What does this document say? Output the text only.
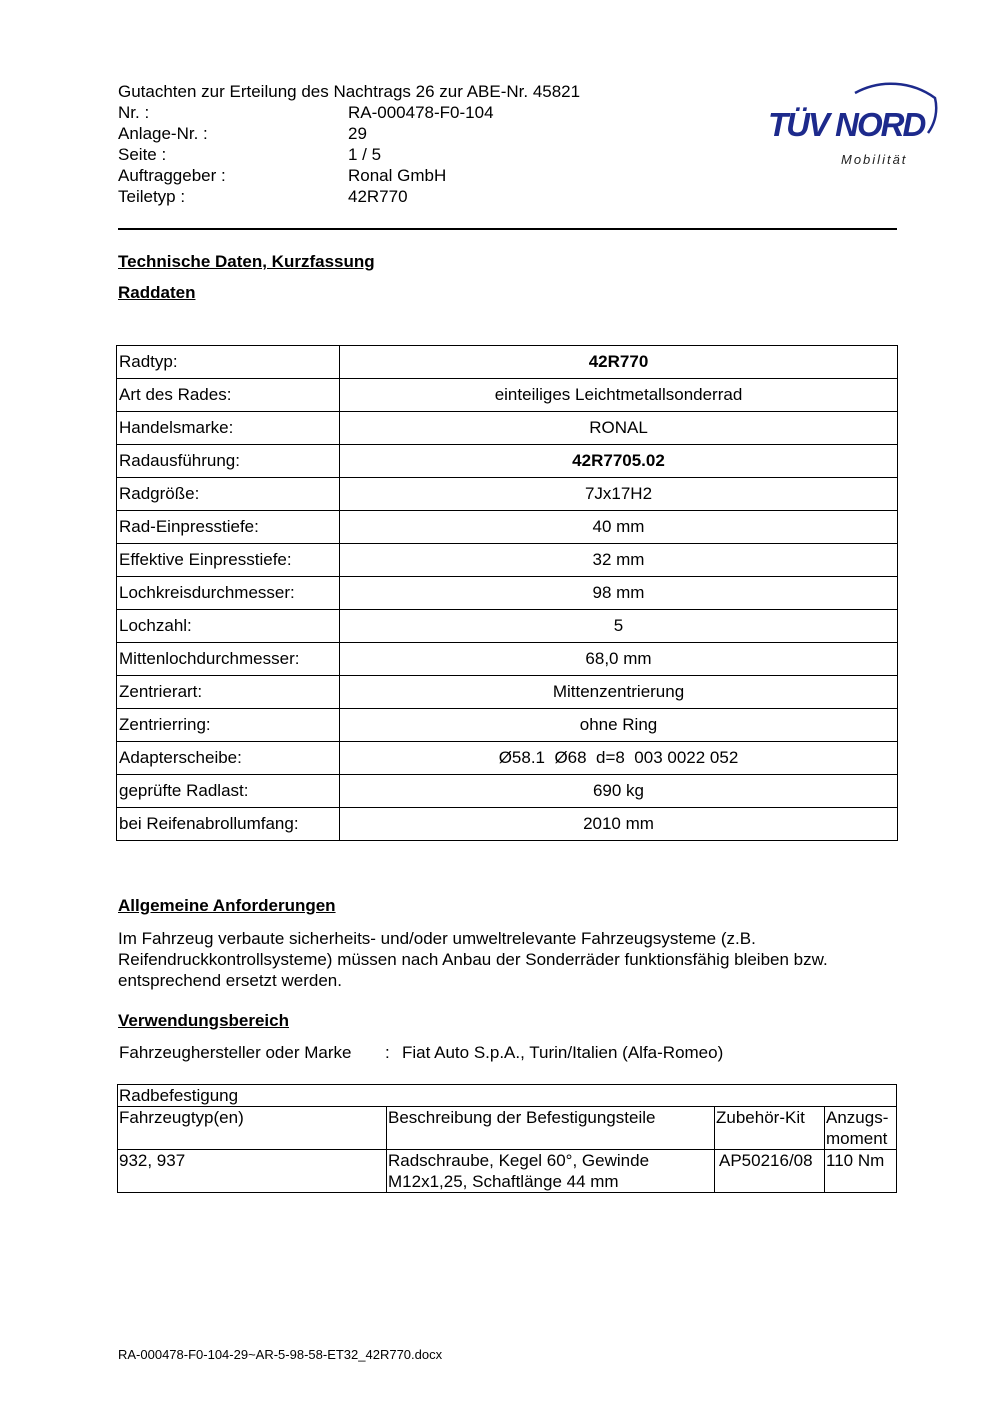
Gutachten zur Erteilung des Nachtrags 26 zur ABE-Nr. 45821
Nr. :	RA-000478-F0-104
Anlage-Nr. :	29
Seite :	1 / 5
Auftraggeber :	Ronal GmbH
Teiletyp :	42R770
TÜV NORD
Mobilität
Technische Daten, Kurzfassung
Raddaten
Radtyp:	42R770
Art des Rades:	einteiliges Leichtmetallsonderrad
Handelsmarke:	RONAL
Radausführung:	42R7705.02
Radgröße:	7Jx17H2
Rad-Einpresstiefe:	40 mm
Effektive Einpresstiefe:	32 mm
Lochkreisdurchmesser:	98 mm
Lochzahl:	5
Mittenlochdurchmesser:	68,0 mm
Zentrierart:	Mittenzentrierung
Zentrierring:	ohne Ring
Adapterscheibe:	Ø58.1  Ø68  d=8  003 0022 052
geprüfte Radlast:	690 kg
bei Reifenabrollumfang:	2010 mm
Allgemeine Anforderungen
Im Fahrzeug verbaute sicherheits- und/oder umweltrelevante Fahrzeugsysteme (z.B. Reifendruckkontrollsysteme) müssen nach Anbau der Sonderräder funktionsfähig bleiben bzw. entsprechend ersetzt werden.
Verwendungsbereich
Fahrzeughersteller oder Marke	: Fiat Auto S.p.A., Turin/Italien (Alfa-Romeo)
Radbefestigung			
Fahrzeugtyp(en)	Beschreibung der Befestigungsteile	Zubehör-Kit	Anzugs-
moment
932, 937	Radschraube, Kegel 60°, Gewinde M12x1,25, Schaftlänge 44 mm	AP50216/08	110 Nm
RA-000478-F0-104-29~AR-5-98-58-ET32_42R770.docx
